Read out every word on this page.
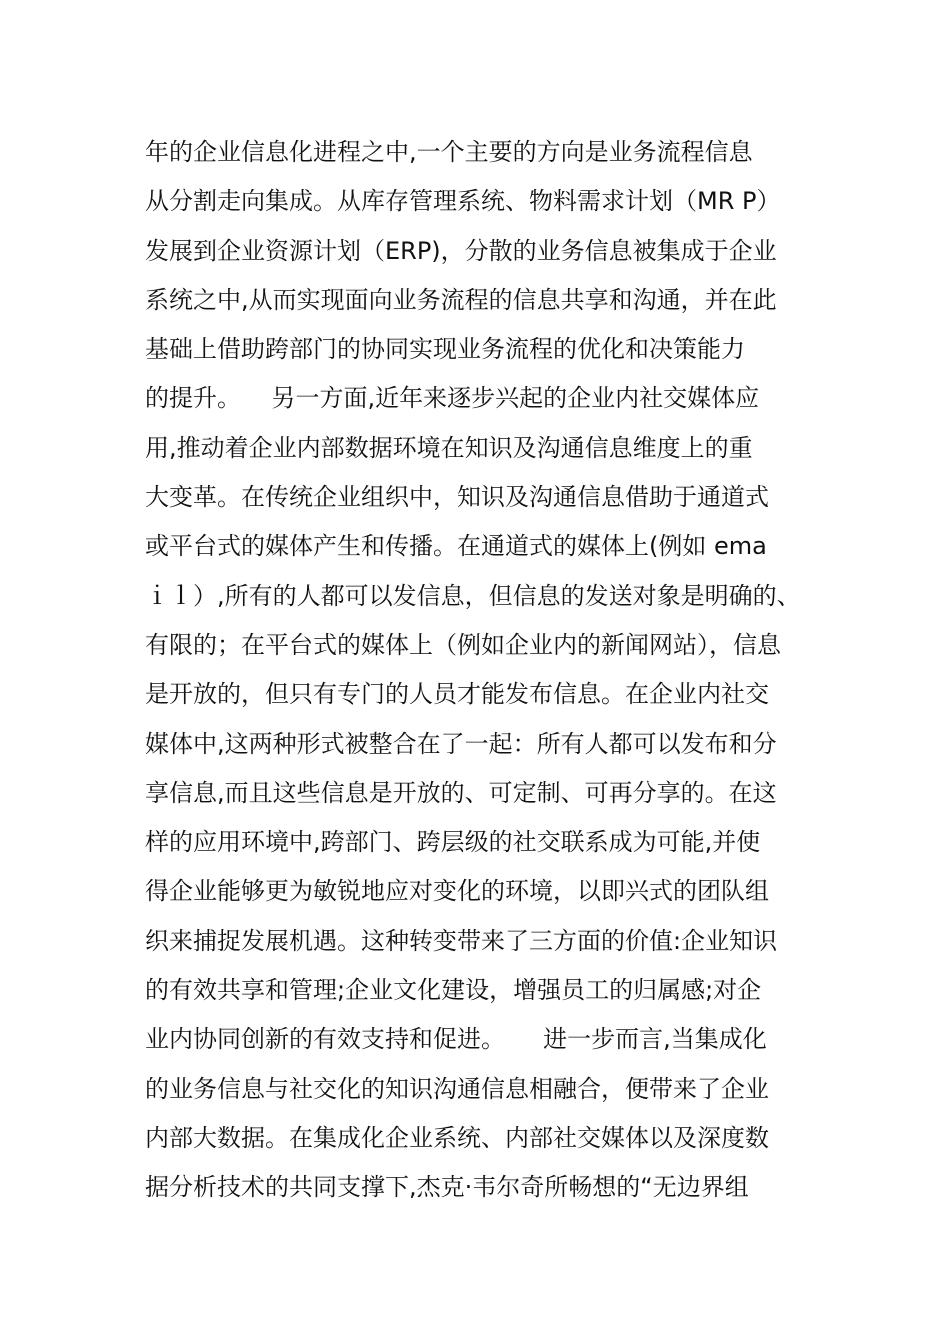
年的企业信息化进程之中,一个主要的方向是业务流程信息
从分割走向集成。从库存管理系统、物料需求计划（MR P）
发展到企业资源计划（ERP)，分散的业务信息被集成于企业
系统之中,从而实现面向业务流程的信息共享和沟通，并在此
基础上借助跨部门的协同实现业务流程的优化和决策能力
的提升。    另一方面,近年来逐步兴起的企业内社交媒体应
用,推动着企业内部数据环境在知识及沟通信息维度上的重
大变革。在传统企业组织中，知识及沟通信息借助于通道式
或平台式的媒体产生和传播。在通道式的媒体上(例如 ema
ｉｌ）,所有的人都可以发信息，但信息的发送对象是明确的、
有限的；在平台式的媒体上（例如企业内的新闻网站），信息
是开放的，但只有专门的人员才能发布信息。在企业内社交
媒体中,这两种形式被整合在了一起：所有人都可以发布和分
享信息,而且这些信息是开放的、可定制、可再分享的。在这
样的应用环境中,跨部门、跨层级的社交联系成为可能,并使
得企业能够更为敏锐地应对变化的环境，以即兴式的团队组
织来捕捉发展机遇。这种转变带来了三方面的价值:企业知识
的有效共享和管理;企业文化建设，增强员工的归属感;对企
业内协同创新的有效支持和促进。     进一步而言,当集成化
的业务信息与社交化的知识沟通信息相融合，便带来了企业
内部大数据。在集成化企业系统、内部社交媒体以及深度数
据分析技术的共同支撑下,杰克·韦尔奇所畅想的“无边界组
